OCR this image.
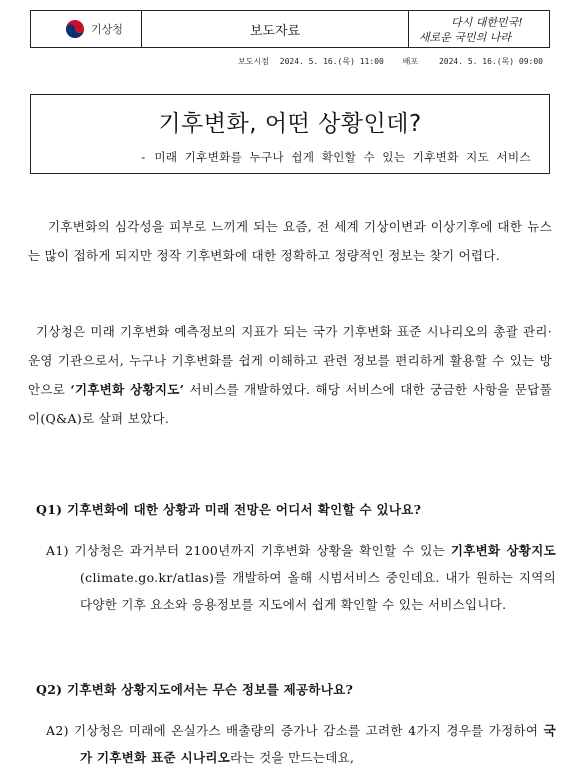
기상청	보도자료
다시 대한민국!
새로운 국민의 나라
보도시점 2024. 5. 16.(목) 11:00 배포	2024. 5. 16.(목) 09:00
기후변화, 어떤 상황인데?
- 미래 기후변화를 누구나 쉽게 확인할 수 있는 기후변화 지도 서비스

기후변화의 심각성을 피부로 느끼게 되는 요즘, 전 세계 기상이변과 이상기후에 대한 뉴스는 많이 접하게 되지만 정작 기후변화에 대한 정확하고 정량적인 정보는 찾기 어렵다.

기상청은 미래 기후변화 예측정보의 지표가 되는 국가 기후변화 표준 시나리오의 총괄 관리·운영 기관으로서, 누구나 기후변화를 쉽게 이해하고 관련 정보를 편리하게 활용할 수 있는 방안으로 ‘기후변화 상황지도’ 서비스를 개발하였다. 해당 서비스에 대한 궁금한 사항을 문답풀이(Q&A)로 살펴 보았다.

Q1) 기후변화에 대한 상황과 미래 전망은 어디서 확인할 수 있나요?

A1) 기상청은 과거부터 2100년까지 기후변화 상황을 확인할 수 있는 기후변화 상황지도(climate.go.kr/atlas)를 개발하여 올해 시범서비스 중인데요. 내가 원하는 지역의 다양한 기후 요소와 응용정보를 지도에서 쉽게 확인할 수 있는 서비스입니다.

Q2) 기후변화 상황지도에서는 무슨 정보를 제공하나요?

A2) 기상청은 미래에 온실가스 배출량의 증가나 감소를 고려한 4가지 경우를 가정하여 국가 기후변화 표준 시나리오라는 것을 만드는데요,
